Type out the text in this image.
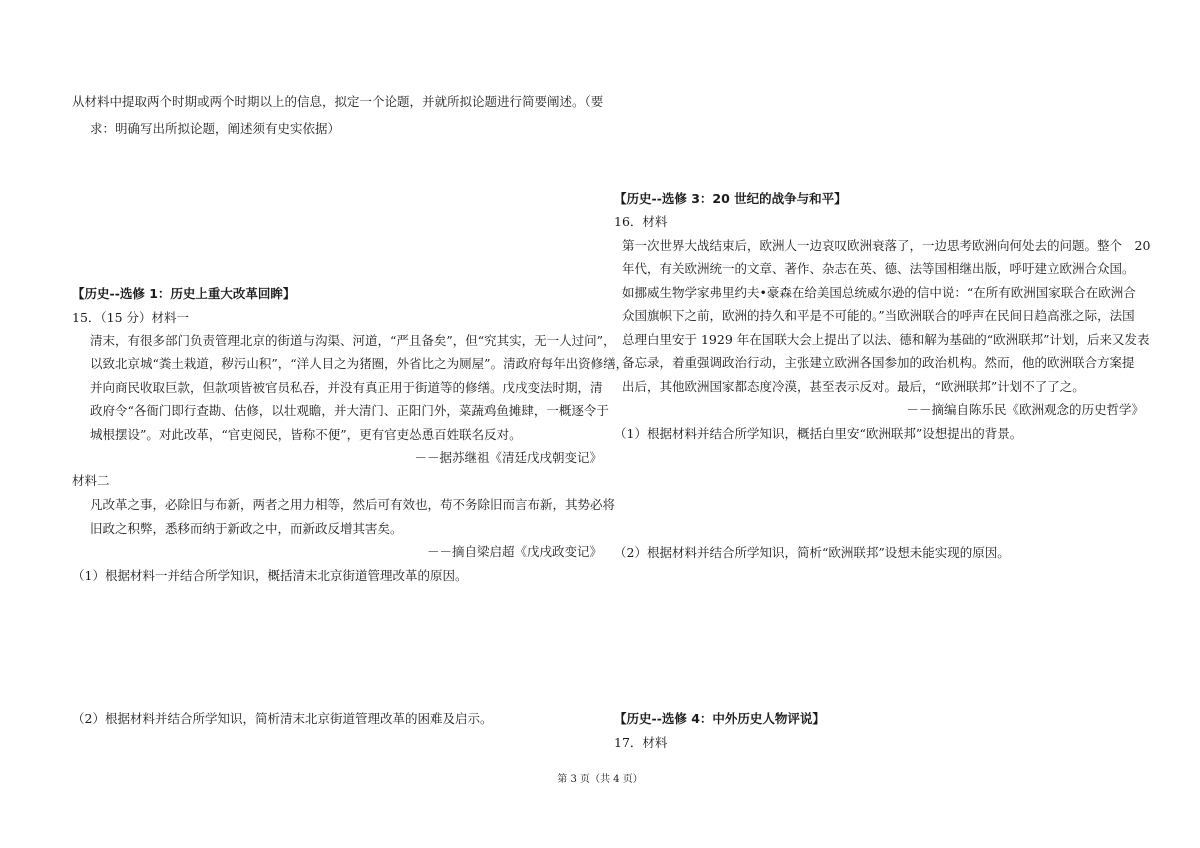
从材料中提取两个时期或两个时期以上的信息，拟定一个论题，并就所拟论题进行简要阐述。（要
求：明确写出所拟论题，阐述须有史实依据）
【历史--选修 1：历史上重大改革回眸】
15．（15 分）材料一
清末，有很多部门负责管理北京的街道与沟渠、河道，“严且备矣”，但“究其实，无一人过问”，
以致北京城“粪土栽道，秽污山积”，“洋人目之为猪圈，外省比之为厕屋”。清政府每年出资修缮，
并向商民收取巨款，但款项皆被官员私吞，并没有真正用于街道等的修缮。戊戌变法时期，清
政府令“各衙门即行查勘、估修，以壮观瞻，并大清门、正阳门外，菜蔬鸡鱼摊肆，一概逐令于
城根摆设”。对此改革，“官吏阅民，皆称不便”，更有官吏怂恿百姓联名反对。
－－据苏继祖《清廷戊戌朝变记》
材料二
凡改革之事，必除旧与布新，两者之用力相等，然后可有效也，苟不务除旧而言布新，其势必将
旧政之积弊，悉移而纳于新政之中，而新政反增其害矣。
－－摘自梁启超《戊戌政变记》
（1）根据材料一并结合所学知识，概括清末北京街道管理改革的原因。
（2）根据材料并结合所学知识，简析清末北京街道管理改革的困难及启示。
【历史--选修 3：20 世纪的战争与和平】
16．材料
第一次世界大战结束后，欧洲人一边哀叹欧洲衰落了，一边思考欧洲向何处去的问题。整个　20
年代，有关欧洲统一的文章、著作、杂志在英、德、法等国相继出版，呼吁建立欧洲合众国。
如挪威生物学家弗里约夫•豪森在给美国总统威尔逊的信中说：“在所有欧洲国家联合在欧洲合
众国旗帜下之前，欧洲的持久和平是不可能的。”当欧洲联合的呼声在民间日趋高涨之际，法国
总理白里安于 1929 年在国联大会上提出了以法、德和解为基础的“欧洲联邦”计划，后来又发表
备忘录，着重强调政治行动，主张建立欧洲各国参加的政治机构。然而，他的欧洲联合方案提
出后，其他欧洲国家都态度冷漠，甚至表示反对。最后，“欧洲联邦”计划不了了之。
－－摘编自陈乐民《欧洲观念的历史哲学》
（1）根据材料并结合所学知识，概括白里安“欧洲联邦”设想提出的背景。
（2）根据材料并结合所学知识，简析“欧洲联邦”设想未能实现的原因。
【历史--选修 4：中外历史人物评说】
17．材料
第 3 页（共 4 页）
